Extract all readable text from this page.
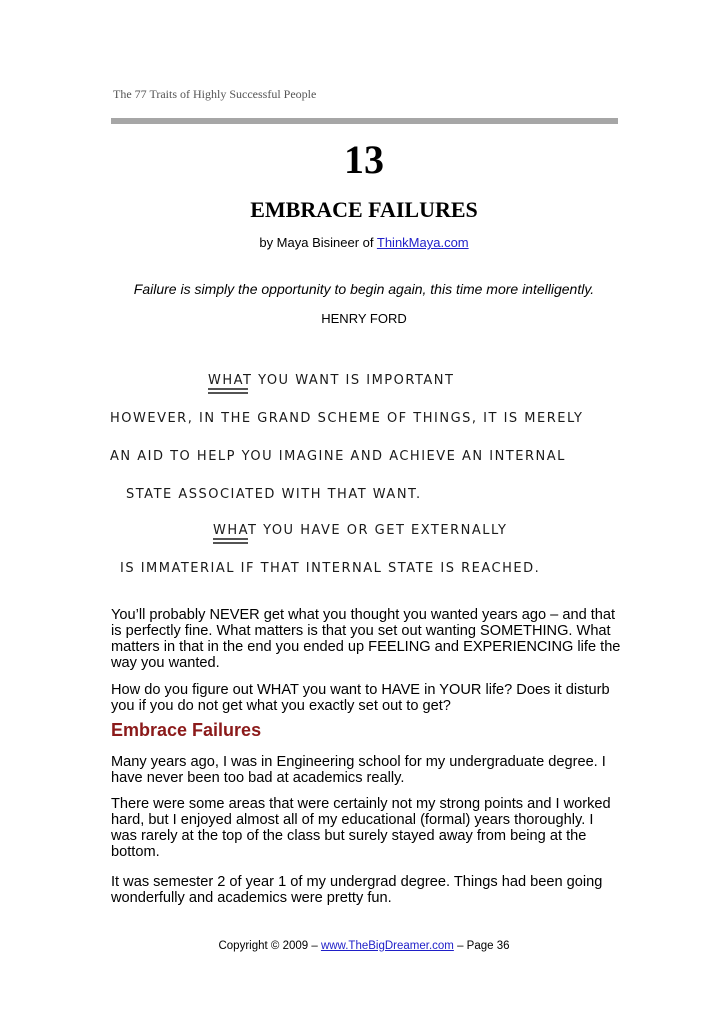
The 77 Traits of Highly Successful People
13
EMBRACE FAILURES
by Maya Bisineer of ThinkMaya.com
Failure is simply the opportunity to begin again, this time more intelligently.
HENRY FORD
WHAT YOU WANT IS IMPORTANT
HOWEVER, IN THE GRAND SCHEME OF THINGS, IT IS MERELY
AN AID TO HELP YOU IMAGINE AND ACHIEVE AN INTERNAL
STATE ASSOCIATED WITH THAT WANT.
WHAT YOU HAVE OR GET EXTERNALLY
IS IMMATERIAL IF THAT INTERNAL STATE IS REACHED.
You’ll probably NEVER get what you thought you wanted years ago – and that is perfectly fine. What matters is that you set out wanting SOMETHING. What matters in that in the end you ended up FEELING and EXPERIENCING life the way you wanted.
How do you figure out WHAT you want to HAVE in YOUR life? Does it disturb you if you do not get what you exactly set out to get?
Embrace Failures
Many years ago, I was in Engineering school for my undergraduate degree. I have never been too bad at academics really.
There were some areas that were certainly not my strong points and I worked hard, but I enjoyed almost all of my educational (formal) years thoroughly. I was rarely at the top of the class but surely stayed away from being at the bottom.
It was semester 2 of year 1 of my undergrad degree. Things had been going wonderfully and academics were pretty fun.
Copyright © 2009 – www.TheBigDreamer.com – Page 36
